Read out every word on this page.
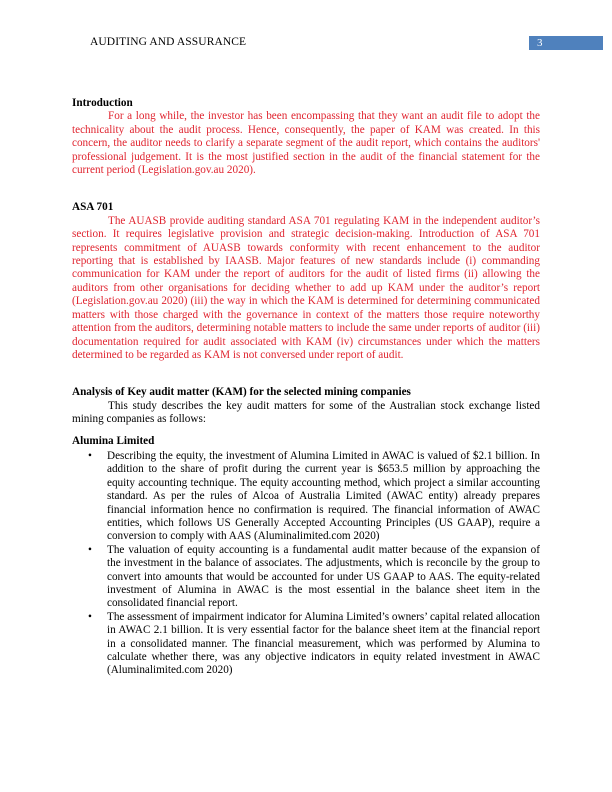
AUDITING AND ASSURANCE	3

Introduction

For a long while, the investor has been encompassing that they want an audit file to adopt the technicality about the audit process. Hence, consequently, the paper of KAM was created. In this concern, the auditor needs to clarify a separate segment of the audit report, which contains the auditors' professional judgement. It is the most justified section in the audit of the financial statement for the current period (Legislation.gov.au 2020).

ASA 701

The AUASB provide auditing standard ASA 701 regulating KAM in the independent auditor’s section. It requires legislative provision and strategic decision-making. Introduction of ASA 701 represents commitment of AUASB towards conformity with recent enhancement to the auditor reporting that is established by IAASB. Major features of new standards include (i) commanding communication for KAM under the report of auditors for the audit of listed firms (ii) allowing the auditors from other organisations for deciding whether to add up KAM under the auditor’s report (Legislation.gov.au 2020) (iii) the way in which the KAM is determined for determining communicated matters with those charged with the governance in context of the matters those require noteworthy attention from the auditors, determining notable matters to include the same under reports of auditor (iii) documentation required for audit associated with KAM (iv) circumstances under which the matters determined to be regarded as KAM is not conversed under report of audit.

Analysis of Key audit matter (KAM) for the selected mining companies

This study describes the key audit matters for some of the Australian stock exchange listed mining companies as follows:

Alumina Limited

• Describing the equity, the investment of Alumina Limited in AWAC is valued of $2.1 billion. In addition to the share of profit during the current year is $653.5 million by approaching the equity accounting technique. The equity accounting method, which project a similar accounting standard. As per the rules of Alcoa of Australia Limited (AWAC entity) already prepares financial information hence no confirmation is required. The financial information of AWAC entities, which follows US Generally Accepted Accounting Principles (US GAAP), require a conversion to comply with AAS (Aluminalimited.com 2020)
• The valuation of equity accounting is a fundamental audit matter because of the expansion of the investment in the balance of associates. The adjustments, which is reconcile by the group to convert into amounts that would be accounted for under US GAAP to AAS. The equity-related investment of Alumina in AWAC is the most essential in the balance sheet item in the consolidated financial report.
• The assessment of impairment indicator for Alumina Limited’s owners’ capital related allocation in AWAC 2.1 billion. It is very essential factor for the balance sheet item at the financial report in a consolidated manner. The financial measurement, which was performed by Alumina to calculate whether there, was any objective indicators in equity related investment in AWAC (Aluminalimited.com 2020)
